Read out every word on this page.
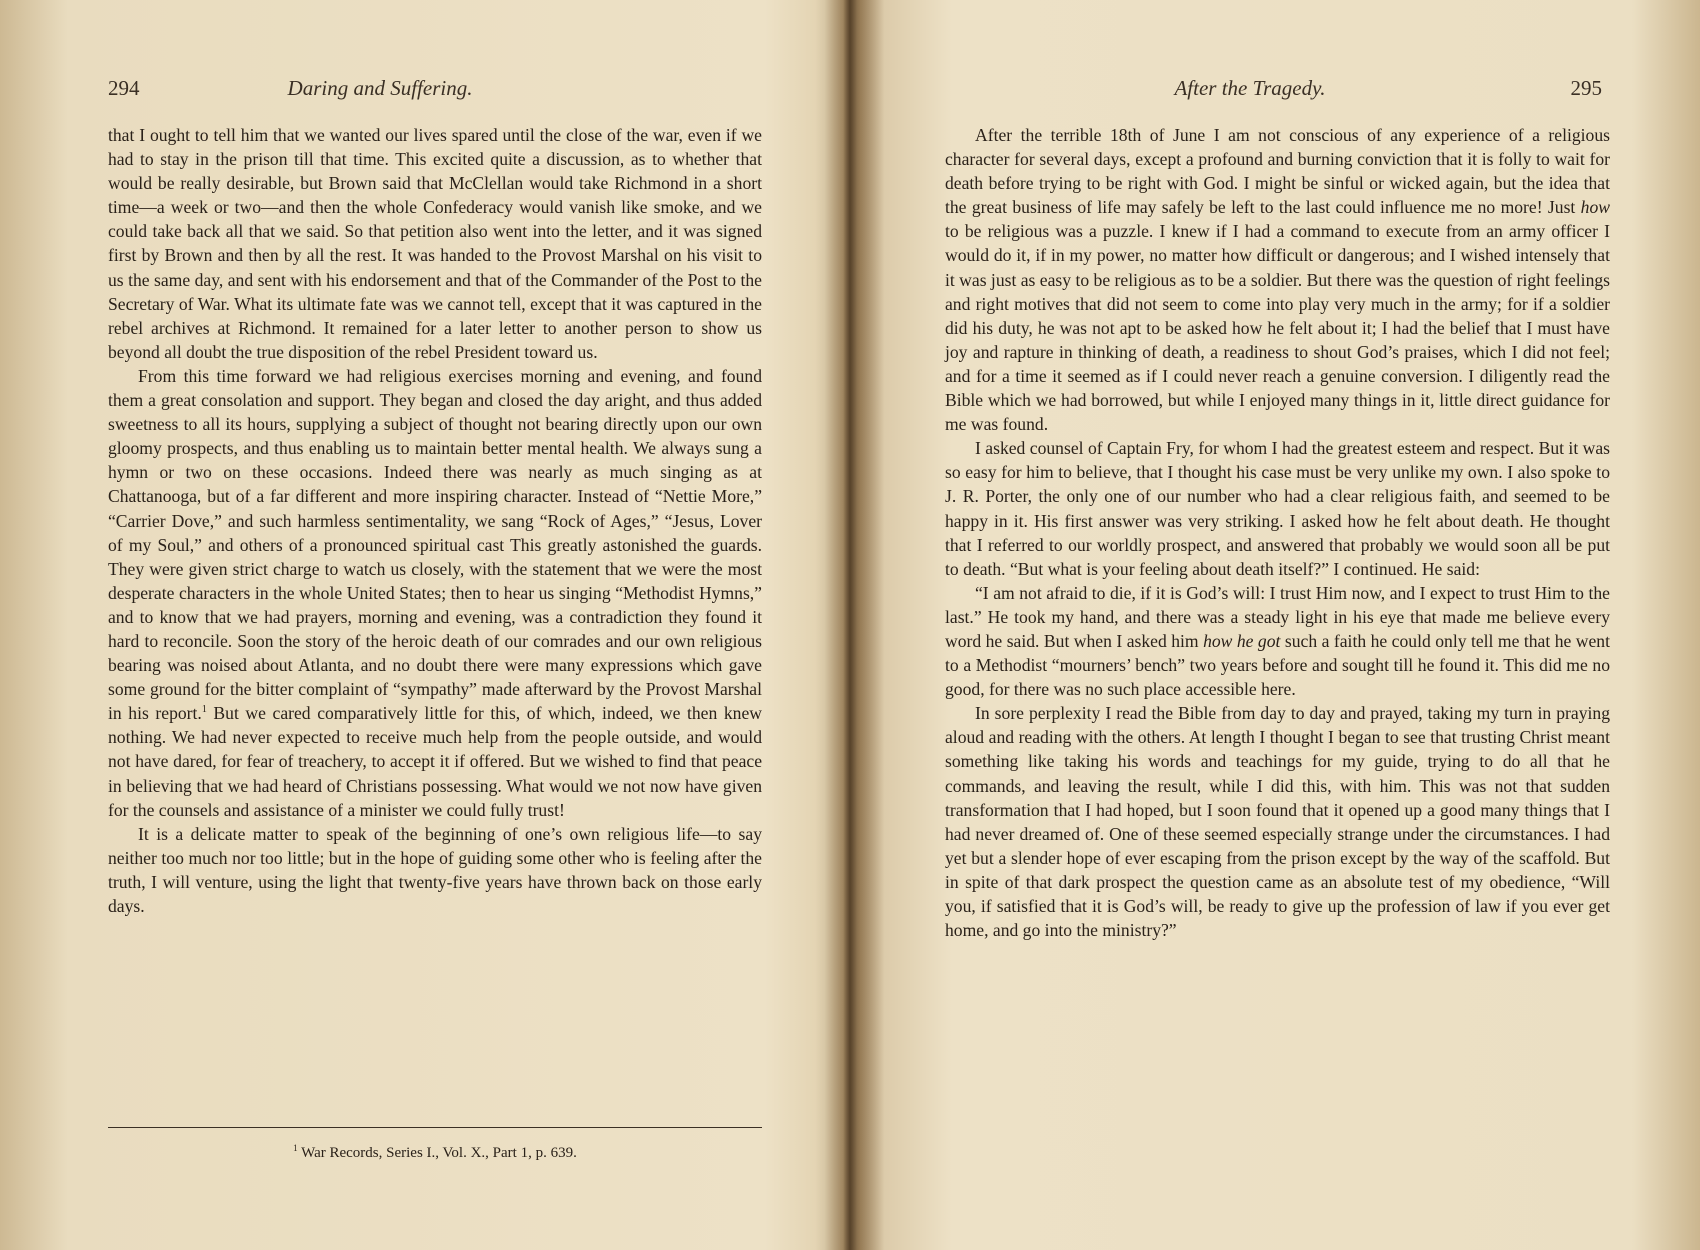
294	Daring and Suffering.

that I ought to tell him that we wanted our lives spared until the close of the war, even if we had to stay in the prison till that time. This excited quite a discussion, as to whether that would be really desirable, but Brown said that McClellan would take Richmond in a short time—a week or two—and then the whole Confederacy would vanish like smoke, and we could take back all that we said. So that petition also went into the letter, and it was signed first by Brown and then by all the rest. It was handed to the Provost Marshal on his visit to us the same day, and sent with his endorsement and that of the Commander of the Post to the Secretary of War. What its ultimate fate was we cannot tell, except that it was captured in the rebel archives at Richmond. It remained for a later letter to another person to show us beyond all doubt the true disposition of the rebel President toward us.

From this time forward we had religious exercises morning and evening, and found them a great consolation and support. They began and closed the day aright, and thus added sweetness to all its hours, supplying a subject of thought not bearing directly upon our own gloomy prospects, and thus enabling us to maintain better mental health. We always sung a hymn or two on these occasions. Indeed there was nearly as much singing as at Chattanooga, but of a far different and more inspiring character. Instead of “Nettie More,” “Carrier Dove,” and such harmless sentimentality, we sang “Rock of Ages,” “Jesus, Lover of my Soul,” and others of a pronounced spiritual cast This greatly astonished the guards. They were given strict charge to watch us closely, with the statement that we were the most desperate characters in the whole United States; then to hear us singing “Methodist Hymns,” and to know that we had prayers, morning and evening, was a contradiction they found it hard to reconcile. Soon the story of the heroic death of our comrades and our own religious bearing was noised about Atlanta, and no doubt there were many expressions which gave some ground for the bitter complaint of “sympathy” made afterward by the Provost Marshal in his report.$^1$ But we cared comparatively little for this, of which, indeed, we then knew nothing. We had never expected to receive much help from the people outside, and would not have dared, for fear of treachery, to accept it if offered. But we wished to find that peace in believing that we had heard of Christians possessing. What would we not now have given for the counsels and assistance of a minister we could fully trust!

It is a delicate matter to speak of the beginning of one’s own religious life—to say neither too much nor too little; but in the hope of guiding some other who is feeling after the truth, I will venture, using the light that twenty-five years have thrown back on those early days.

$^1$ War Records, Series I., Vol. X., Part 1, p. 639.
After the Tragedy.	295

After the terrible 18th of June I am not conscious of any experience of a religious character for several days, except a profound and burning conviction that it is folly to wait for death before trying to be right with God. I might be sinful or wicked again, but the idea that the great business of life may safely be left to the last could influence me no more! Just how to be religious was a puzzle. I knew if I had a command to execute from an army officer I would do it, if in my power, no matter how difficult or dangerous; and I wished intensely that it was just as easy to be religious as to be a soldier. But there was the question of right feelings and right motives that did not seem to come into play very much in the army; for if a soldier did his duty, he was not apt to be asked how he felt about it; I had the belief that I must have joy and rapture in thinking of death, a readiness to shout God’s praises, which I did not feel; and for a time it seemed as if I could never reach a genuine conversion. I diligently read the Bible which we had borrowed, but while I enjoyed many things in it, little direct guidance for me was found.

I asked counsel of Captain Fry, for whom I had the greatest esteem and respect. But it was so easy for him to believe, that I thought his case must be very unlike my own. I also spoke to J. R. Porter, the only one of our number who had a clear religious faith, and seemed to be happy in it. His first answer was very striking. I asked how he felt about death. He thought that I referred to our worldly prospect, and answered that probably we would soon all be put to death. “But what is your feeling about death itself?” I continued. He said:

“I am not afraid to die, if it is God’s will: I trust Him now, and I expect to trust Him to the last.” He took my hand, and there was a steady light in his eye that made me believe every word he said. But when I asked him how he got such a faith he could only tell me that he went to a Methodist “mourners’ bench” two years before and sought till he found it. This did me no good, for there was no such place accessible here.

In sore perplexity I read the Bible from day to day and prayed, taking my turn in praying aloud and reading with the others. At length I thought I began to see that trusting Christ meant something like taking his words and teachings for my guide, trying to do all that he commands, and leaving the result, while I did this, with him. This was not that sudden transformation that I had hoped, but I soon found that it opened up a good many things that I had never dreamed of. One of these seemed especially strange under the circumstances. I had yet but a slender hope of ever escaping from the prison except by the way of the scaffold. But in spite of that dark prospect the question came as an absolute test of my obedience, “Will you, if satisfied that it is God’s will, be ready to give up the profession of law if you ever get home, and go into the ministry?”
